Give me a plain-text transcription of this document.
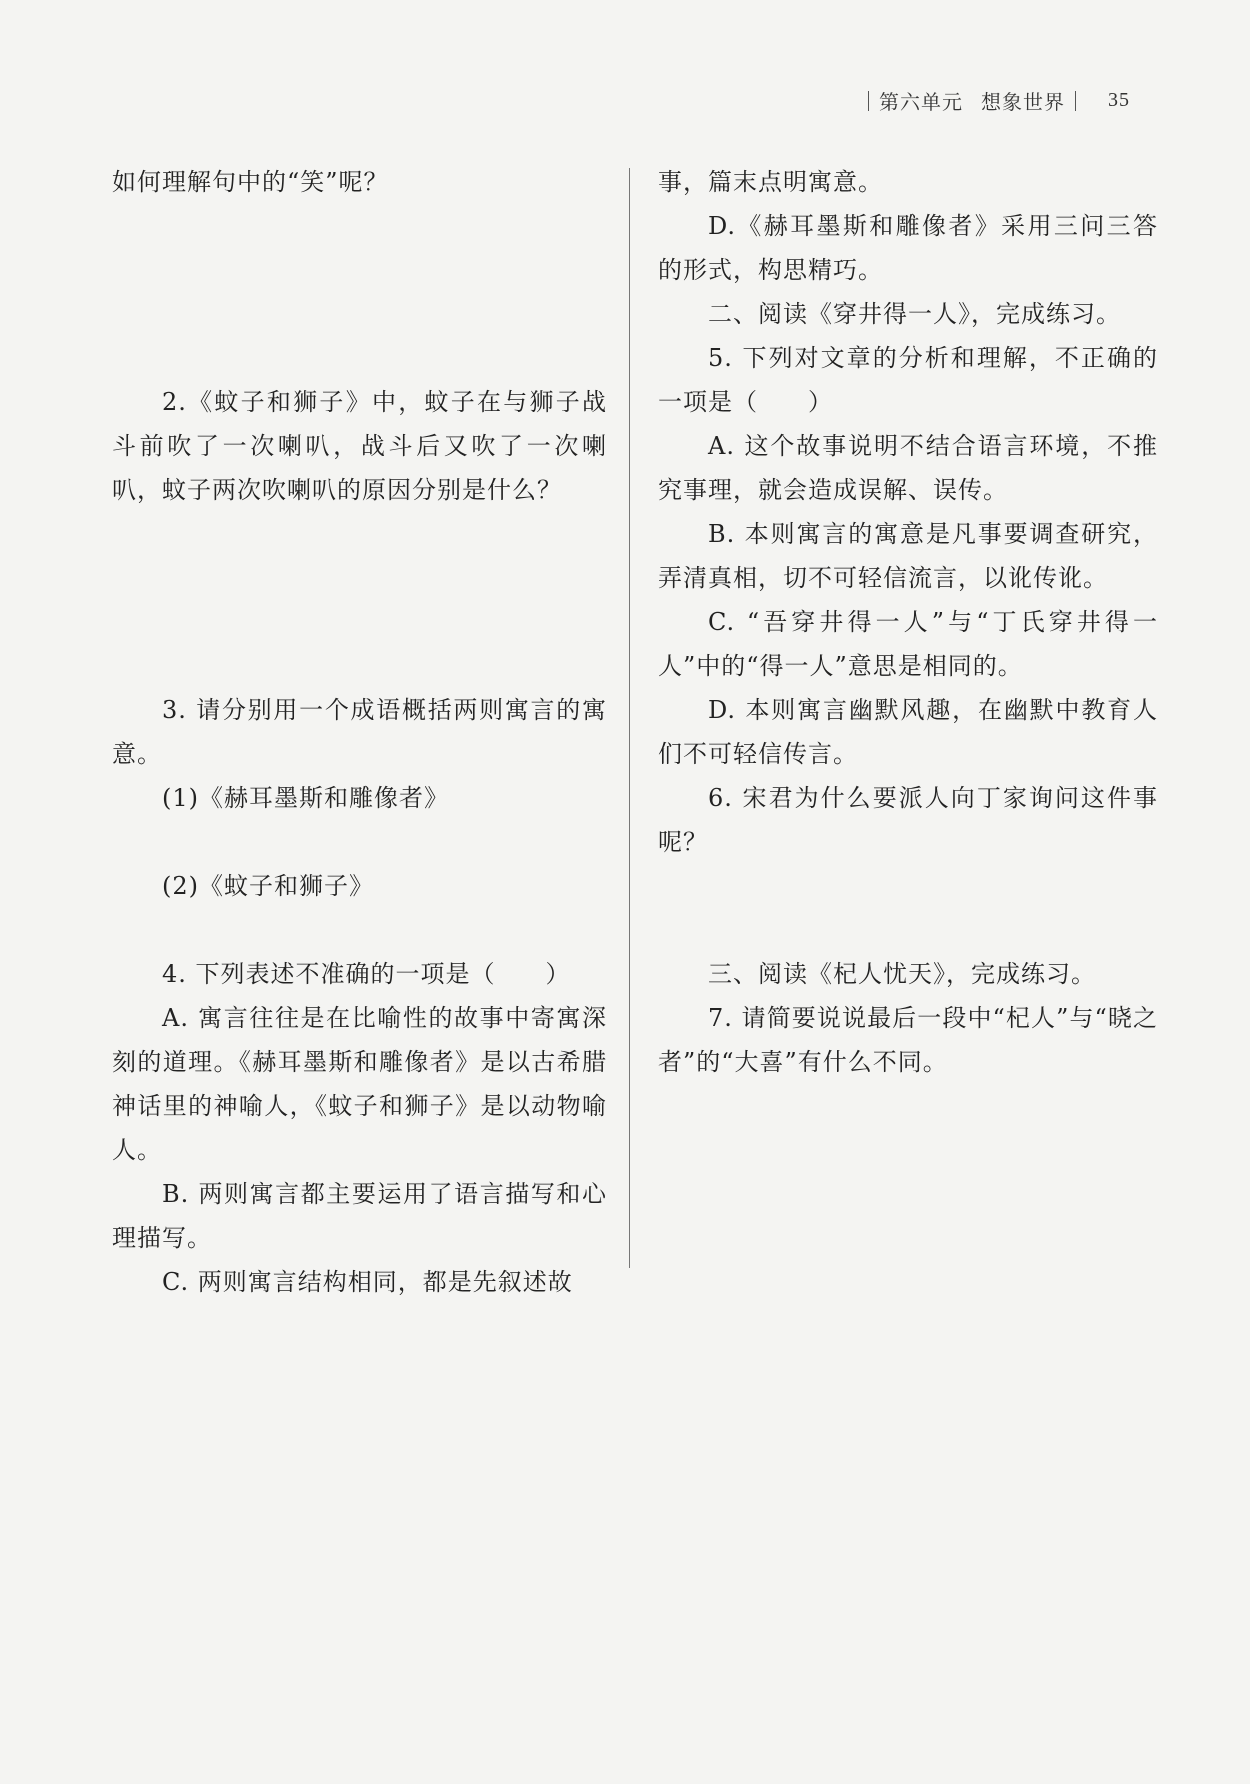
第六单元 想象世界 35

如何理解句中的“笑”呢？

2.《蚊子和狮子》中，蚊子在与狮子战斗前吹了一次喇叭，战斗后又吹了一次喇叭，蚊子两次吹喇叭的原因分别是什么？

3. 请分别用一个成语概括两则寓言的寓意。

(1)《赫耳墨斯和雕像者》

(2)《蚊子和狮子》

4. 下列表述不准确的一项是（　　）

A. 寓言往往是在比喻性的故事中寄寓深刻的道理。《赫耳墨斯和雕像者》是以古希腊神话里的神喻人，《蚊子和狮子》是以动物喻人。

B. 两则寓言都主要运用了语言描写和心理描写。

C. 两则寓言结构相同，都是先叙述故

事，篇末点明寓意。

D.《赫耳墨斯和雕像者》采用三问三答的形式，构思精巧。

二、阅读《穿井得一人》，完成练习。

5. 下列对文章的分析和理解，不正确的一项是（　　）

A. 这个故事说明不结合语言环境，不推究事理，就会造成误解、误传。

B. 本则寓言的寓意是凡事要调查研究，弄清真相，切不可轻信流言，以讹传讹。

C. “吾穿井得一人”与“丁氏穿井得一人”中的“得一人”意思是相同的。

D. 本则寓言幽默风趣，在幽默中教育人们不可轻信传言。

6. 宋君为什么要派人向丁家询问这件事呢？

三、阅读《杞人忧天》，完成练习。

7. 请简要说说最后一段中“杞人”与“晓之者”的“大喜”有什么不同。
